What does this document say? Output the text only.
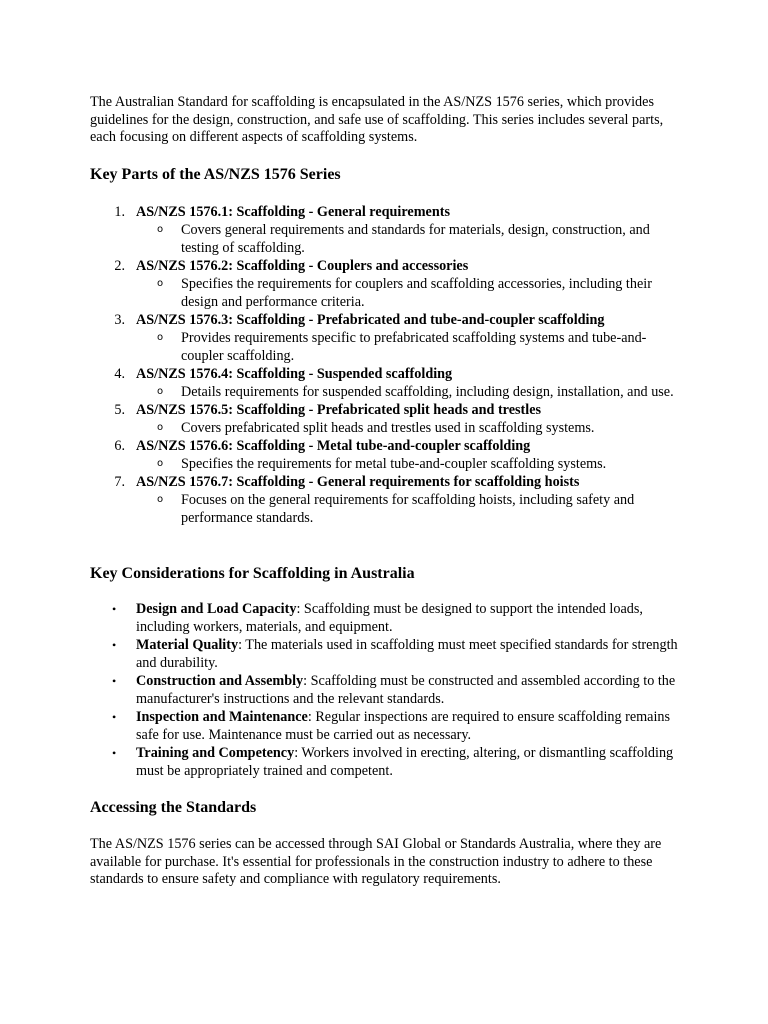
The Australian Standard for scaffolding is encapsulated in the AS/NZS 1576 series, which provides guidelines for the design, construction, and safe use of scaffolding. This series includes several parts, each focusing on different aspects of scaffolding systems.

Key Parts of the AS/NZS 1576 Series
1. AS/NZS 1576.1: Scaffolding - General requirements
o Covers general requirements and standards for materials, design, construction, and testing of scaffolding.
2. AS/NZS 1576.2: Scaffolding - Couplers and accessories
o Specifies the requirements for couplers and scaffolding accessories, including their design and performance criteria.
3. AS/NZS 1576.3: Scaffolding - Prefabricated and tube-and-coupler scaffolding
o Provides requirements specific to prefabricated scaffolding systems and tube-and-coupler scaffolding.
4. AS/NZS 1576.4: Scaffolding - Suspended scaffolding
o Details requirements for suspended scaffolding, including design, installation, and use.
5. AS/NZS 1576.5: Scaffolding - Prefabricated split heads and trestles
o Covers prefabricated split heads and trestles used in scaffolding systems.
6. AS/NZS 1576.6: Scaffolding - Metal tube-and-coupler scaffolding
o Specifies the requirements for metal tube-and-coupler scaffolding systems.
7. AS/NZS 1576.7: Scaffolding - General requirements for scaffolding hoists
o Focuses on the general requirements for scaffolding hoists, including safety and performance standards.
Key Considerations for Scaffolding in Australia
• Design and Load Capacity: Scaffolding must be designed to support the intended loads, including workers, materials, and equipment.
• Material Quality: The materials used in scaffolding must meet specified standards for strength and durability.
• Construction and Assembly: Scaffolding must be constructed and assembled according to the manufacturer's instructions and the relevant standards.
• Inspection and Maintenance: Regular inspections are required to ensure scaffolding remains safe for use. Maintenance must be carried out as necessary.
• Training and Competency: Workers involved in erecting, altering, or dismantling scaffolding must be appropriately trained and competent.
Accessing the Standards

The AS/NZS 1576 series can be accessed through SAI Global or Standards Australia, where they are available for purchase. It's essential for professionals in the construction industry to adhere to these standards to ensure safety and compliance with regulatory requirements.
